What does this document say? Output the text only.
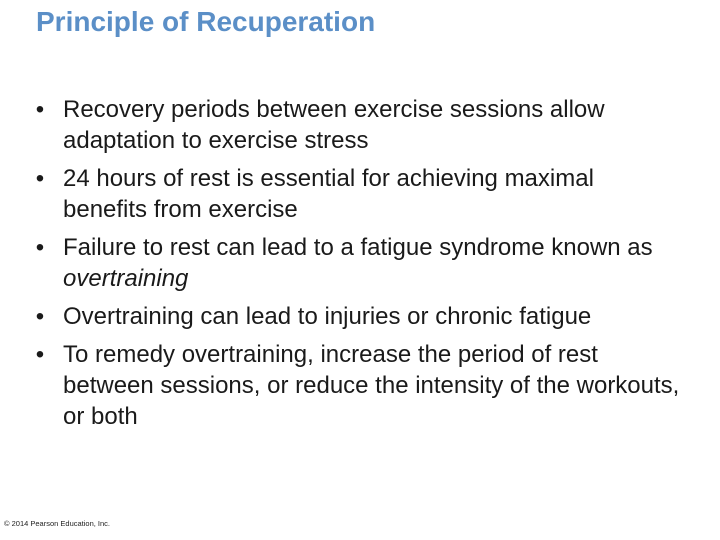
Principle of Recuperation
• Recovery periods between exercise sessions allow adaptation to exercise stress
• 24 hours of rest is essential for achieving maximal benefits from exercise
• Failure to rest can lead to a fatigue syndrome known as overtraining
• Overtraining can lead to injuries or chronic fatigue
• To remedy overtraining, increase the period of rest between sessions, or reduce the intensity of the workouts, or both
© 2014 Pearson Education, Inc.
